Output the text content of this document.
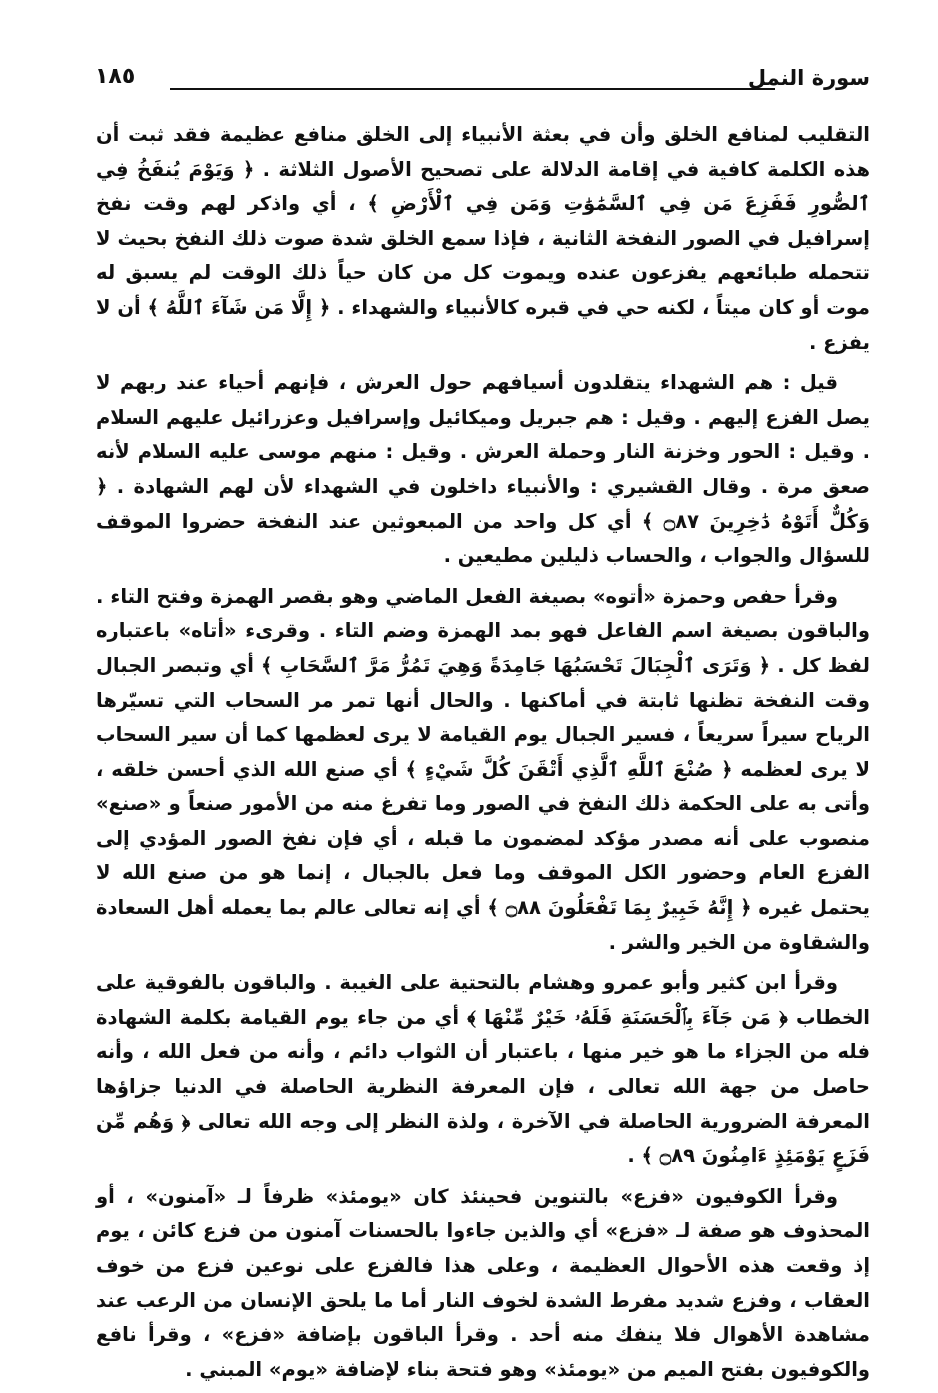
سورة النمل
١٨٥

التقليب لمنافع الخلق وأن في بعثة الأنبياء إلى الخلق منافع عظيمة فقد ثبت أن هذه الكلمة كافية في إقامة الدلالة على تصحيح الأصول الثلاثة . ﴿ وَيَوْمَ يُنفَخُ فِي ٱلصُّورِ فَفَزِعَ مَن فِي ٱلسَّمَٰوَٰتِ وَمَن فِي ٱلْأَرْضِ ﴾ ، أي واذكر لهم وقت نفخ إسرافيل في الصور النفخة الثانية ، فإذا سمع الخلق شدة صوت ذلك النفخ بحيث لا تتحمله طبائعهم يفزعون عنده ويموت كل من كان حياً ذلك الوقت لم يسبق له موت أو كان ميتاً ، لكنه حي في قبره كالأنبياء والشهداء . ﴿ إِلَّا مَن شَآءَ ٱللَّهُ ﴾ أن لا يفزع .

قيل : هم الشهداء يتقلدون أسيافهم حول العرش ، فإنهم أحياء عند ربهم لا يصل الفزع إليهم . وقيل : هم جبريل وميكائيل وإسرافيل وعزرائيل عليهم السلام . وقيل : الحور وخزنة النار وحملة العرش . وقيل : منهم موسى عليه السلام لأنه صعق مرة . وقال القشيري : والأنبياء داخلون في الشهداء لأن لهم الشهادة . ﴿ وَكُلٌّ أَتَوْهُ دَٰخِرِينَ ۝٨٧ ﴾ أي كل واحد من المبعوثين عند النفخة حضروا الموقف للسؤال والجواب ، والحساب ذليلين مطيعين .

وقرأ حفص وحمزة «أتوه» بصيغة الفعل الماضي وهو بقصر الهمزة وفتح التاء . والباقون بصيغة اسم الفاعل فهو بمد الهمزة وضم التاء . وقرىء «أتاه» باعتباره لفظ كل . ﴿ وَتَرَى ٱلْجِبَالَ تَحْسَبُهَا جَامِدَةً وَهِيَ تَمُرُّ مَرَّ ٱلسَّحَابِ ﴾ أي وتبصر الجبال وقت النفخة تظنها ثابتة في أماكنها . والحال أنها تمر مر السحاب التي تسيّرها الرياح سيراً سريعاً ، فسير الجبال يوم القيامة لا يرى لعظمها كما أن سير السحاب لا يرى لعظمه ﴿ صُنْعَ ٱللَّهِ ٱلَّذِي أَتْقَنَ كُلَّ شَيْءٍ ﴾ أي صنع الله الذي أحسن خلقه ، وأتى به على الحكمة ذلك النفخ في الصور وما تفرغ منه من الأمور صنعاً و «صنع» منصوب على أنه مصدر مؤكد لمضمون ما قبله ، أي فإن نفخ الصور المؤدي إلى الفزع العام وحضور الكل الموقف وما فعل بالجبال ، إنما هو من صنع الله لا يحتمل غيره ﴿ إِنَّهُ خَبِيرٌ بِمَا تَفْعَلُونَ ۝٨٨ ﴾ أي إنه تعالى عالم بما يعمله أهل السعادة والشقاوة من الخير والشر .

وقرأ ابن كثير وأبو عمرو وهشام بالتحتية على الغيبة . والباقون بالفوقية على الخطاب ﴿ مَن جَآءَ بِٱلْحَسَنَةِ فَلَهُۥ خَيْرٌ مِّنْهَا ﴾ أي من جاء يوم القيامة بكلمة الشهادة فله من الجزاء ما هو خير منها ، باعتبار أن الثواب دائم ، وأنه من فعل الله ، وأنه حاصل من جهة الله تعالى ، فإن المعرفة النظرية الحاصلة في الدنيا جزاؤها المعرفة الضرورية الحاصلة في الآخرة ، ولذة النظر إلى وجه الله تعالى ﴿ وَهُم مِّن فَزَعٍ يَوْمَئِذٍ ءَامِنُونَ ۝٨٩ ﴾ .

وقرأ الكوفيون «فزع» بالتنوين فحينئذ كان «يومئذ» ظرفاً لـ «آمنون» ، أو المحذوف هو صفة لـ «فزع» أي والذين جاءوا بالحسنات آمنون من فزع كائن ، يوم إذ وقعت هذه الأحوال العظيمة ، وعلى هذا فالفزع على نوعين فزع من خوف العقاب ، وفزع شديد مفرط الشدة لخوف النار أما ما يلحق الإنسان من الرعب عند مشاهدة الأهوال فلا ينفك منه أحد . وقرأ الباقون بإضافة «فزع» ، وقرأ نافع والكوفيون بفتح الميم من «يومئذ» وهو فتحة بناء لإضافة «يوم» المبني .
